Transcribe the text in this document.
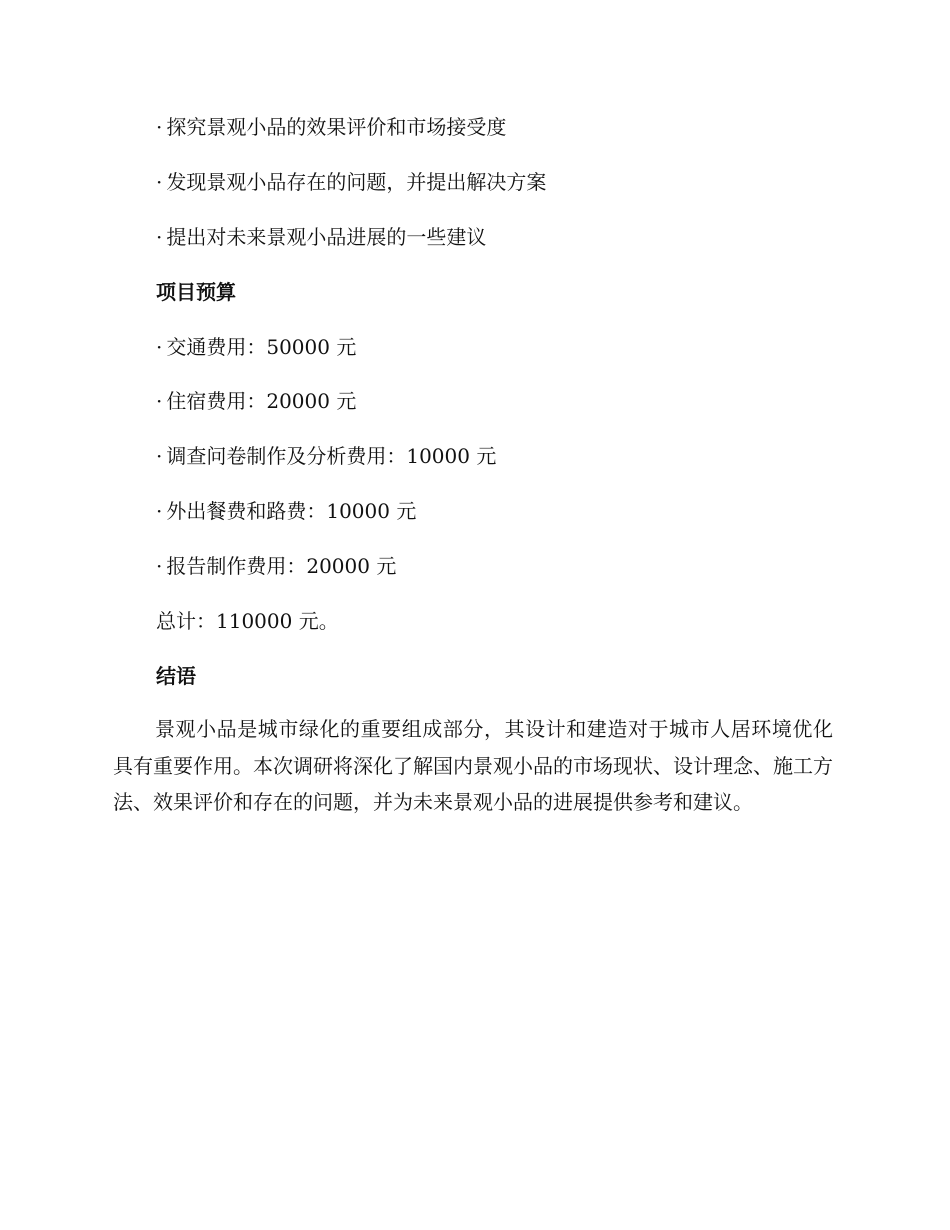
· 探究景观小品的效果评价和市场接受度
· 发现景观小品存在的问题，并提出解决方案
· 提出对未来景观小品进展的一些建议
项目预算
· 交通费用：50000 元
· 住宿费用：20000 元
· 调查问卷制作及分析费用：10000 元
· 外出餐费和路费：10000 元
· 报告制作费用：20000 元
总计：110000 元。
结语
景观小品是城市绿化的重要组成部分，其设计和建造对于城市人居环境优化具有重要作用。本次调研将深化了解国内景观小品的市场现状、设计理念、施工方法、效果评价和存在的问题，并为未来景观小品的进展提供参考和建议。
